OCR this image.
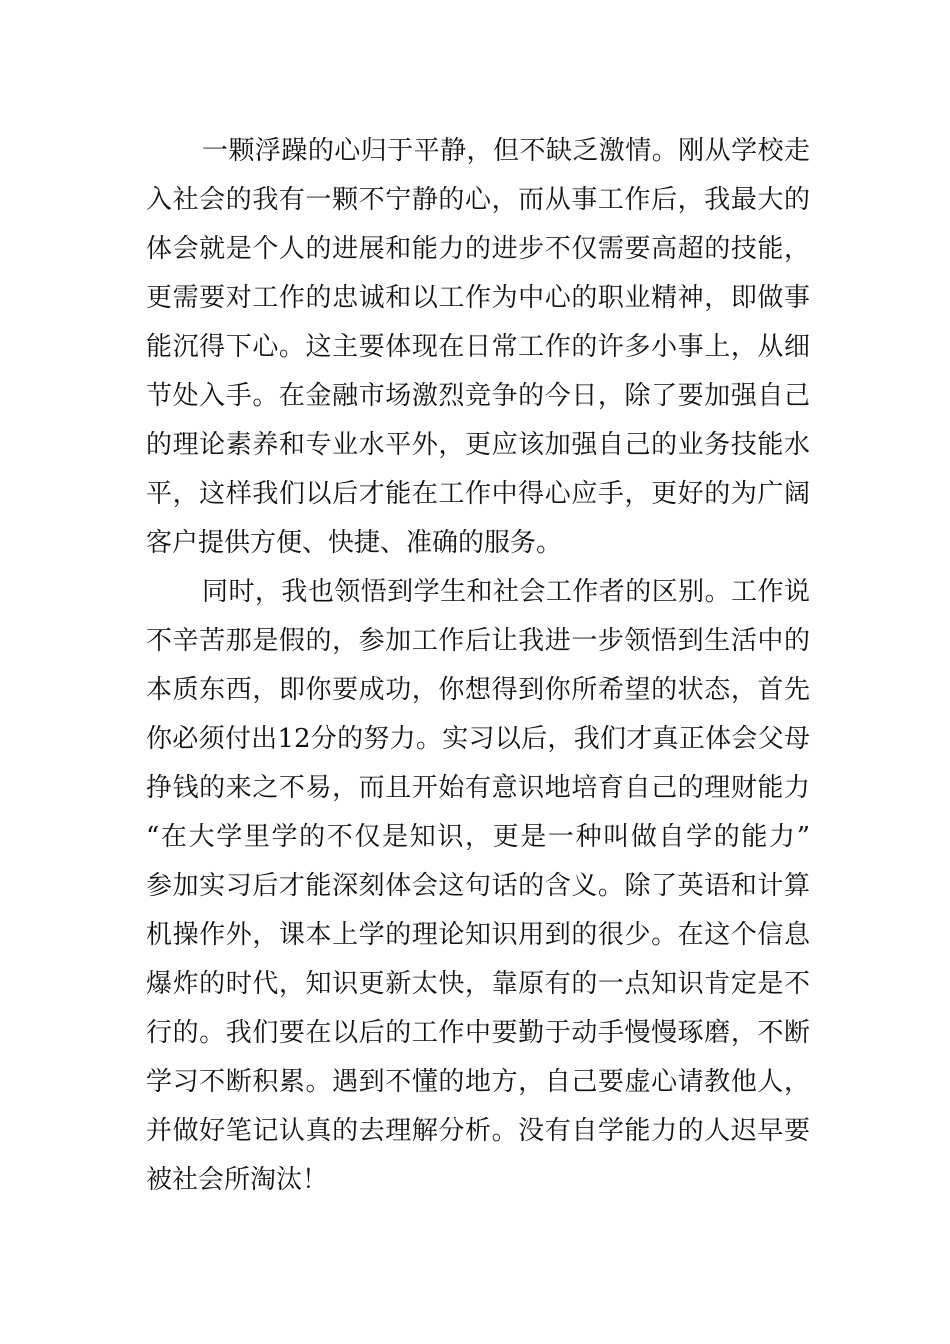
一颗浮躁的心归于平静，但不缺乏激情。刚从学校走
入社会的我有一颗不宁静的心，而从事工作后，我最大的
体会就是个人的进展和能力的进步不仅需要高超的技能，
更需要对工作的忠诚和以工作为中心的职业精神，即做事
能沉得下心。这主要体现在日常工作的许多小事上，从细
节处入手。在金融市场激烈竞争的今日，除了要加强自己
的理论素养和专业水平外，更应该加强自己的业务技能水
平，这样我们以后才能在工作中得心应手，更好的为广阔
客户提供方便、快捷、准确的服务。
同时，我也领悟到学生和社会工作者的区别。工作说
不辛苦那是假的，参加工作后让我进一步领悟到生活中的
本质东西，即你要成功，你想得到你所希望的状态，首先
你必须付出12分的努力。实习以后，我们才真正体会父母
挣钱的来之不易，而且开始有意识地培育自己的理财能力
“在大学里学的不仅是知识，更是一种叫做自学的能力”
参加实习后才能深刻体会这句话的含义。除了英语和计算
机操作外，课本上学的理论知识用到的很少。在这个信息
爆炸的时代，知识更新太快，靠原有的一点知识肯定是不
行的。我们要在以后的工作中要勤于动手慢慢琢磨，不断
学习不断积累。遇到不懂的地方，自己要虚心请教他人，
并做好笔记认真的去理解分析。没有自学能力的人迟早要
被社会所淘汰！
